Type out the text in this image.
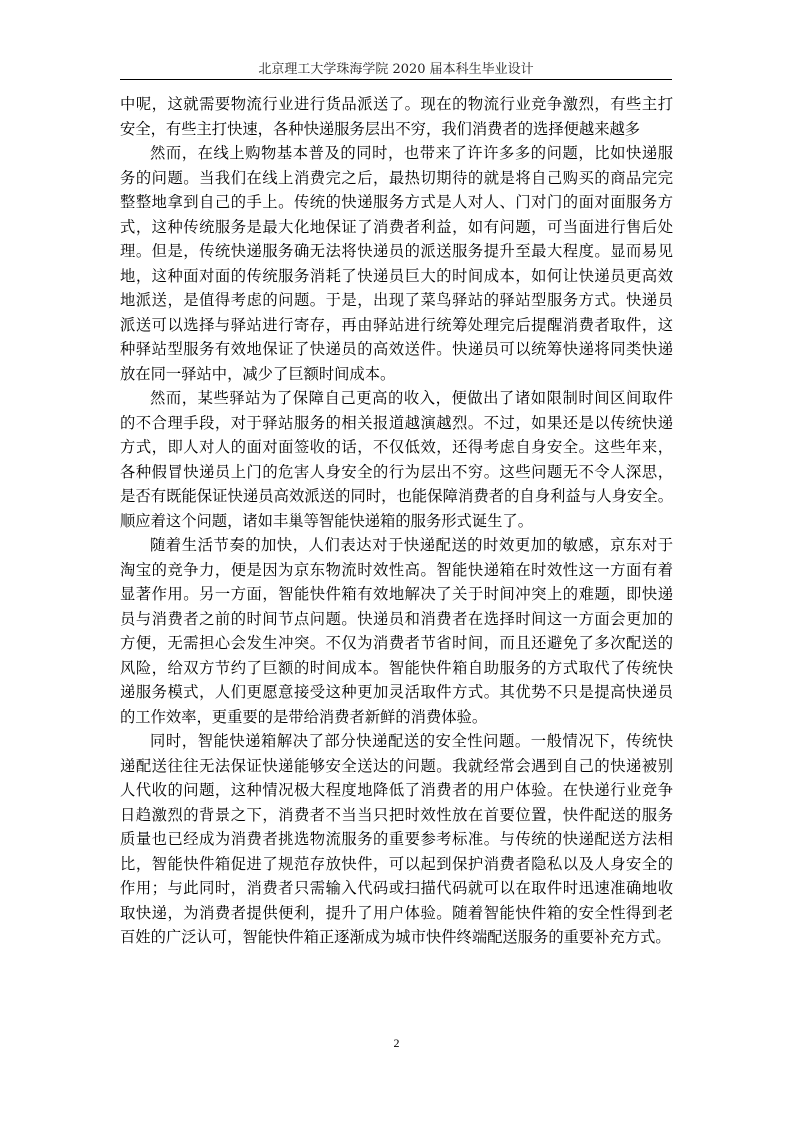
北京理工大学珠海学院 2020 届本科生毕业设计
中呢，这就需要物流行业进行货品派送了。现在的物流行业竞争激烈，有些主打
安全，有些主打快速，各种快递服务层出不穷，我们消费者的选择便越来越多
然而，在线上购物基本普及的同时，也带来了许许多多的问题，比如快递服
务的问题。当我们在线上消费完之后，最热切期待的就是将自己购买的商品完完
整整地拿到自己的手上。传统的快递服务方式是人对人、门对门的面对面服务方
式，这种传统服务是最大化地保证了消费者利益，如有问题，可当面进行售后处
理。但是，传统快递服务确无法将快递员的派送服务提升至最大程度。显而易见
地，这种面对面的传统服务消耗了快递员巨大的时间成本，如何让快递员更高效
地派送，是值得考虑的问题。于是，出现了菜鸟驿站的驿站型服务方式。快递员
派送可以选择与驿站进行寄存，再由驿站进行统筹处理完后提醒消费者取件，这
种驿站型服务有效地保证了快递员的高效送件。快递员可以统筹快递将同类快递
放在同一驿站中，减少了巨额时间成本。
然而，某些驿站为了保障自己更高的收入，便做出了诸如限制时间区间取件
的不合理手段，对于驿站服务的相关报道越演越烈。不过，如果还是以传统快递
方式，即人对人的面对面签收的话，不仅低效，还得考虑自身安全。这些年来，
各种假冒快递员上门的危害人身安全的行为层出不穷。这些问题无不令人深思，
是否有既能保证快递员高效派送的同时，也能保障消费者的自身利益与人身安全。
顺应着这个问题，诸如丰巢等智能快递箱的服务形式诞生了。
随着生活节奏的加快，人们表达对于快递配送的时效更加的敏感，京东对于
淘宝的竞争力，便是因为京东物流时效性高。智能快递箱在时效性这一方面有着
显著作用。另一方面，智能快件箱有效地解决了关于时间冲突上的难题，即快递
员与消费者之前的时间节点问题。快递员和消费者在选择时间这一方面会更加的
方便，无需担心会发生冲突。不仅为消费者节省时间，而且还避免了多次配送的
风险，给双方节约了巨额的时间成本。智能快件箱自助服务的方式取代了传统快
递服务模式，人们更愿意接受这种更加灵活取件方式。其优势不只是提高快递员
的工作效率，更重要的是带给消费者新鲜的消费体验。
同时，智能快递箱解决了部分快递配送的安全性问题。一般情况下，传统快
递配送往往无法保证快递能够安全送达的问题。我就经常会遇到自己的快递被别
人代收的问题，这种情况极大程度地降低了消费者的用户体验。在快递行业竞争
日趋激烈的背景之下，消费者不当当只把时效性放在首要位置，快件配送的服务
质量也已经成为消费者挑选物流服务的重要参考标准。与传统的快递配送方法相
比，智能快件箱促进了规范存放快件，可以起到保护消费者隐私以及人身安全的
作用；与此同时，消费者只需输入代码或扫描代码就可以在取件时迅速准确地收
取快递，为消费者提供便利，提升了用户体验。随着智能快件箱的安全性得到老
百姓的广泛认可，智能快件箱正逐渐成为城市快件终端配送服务的重要补充方式。
2
